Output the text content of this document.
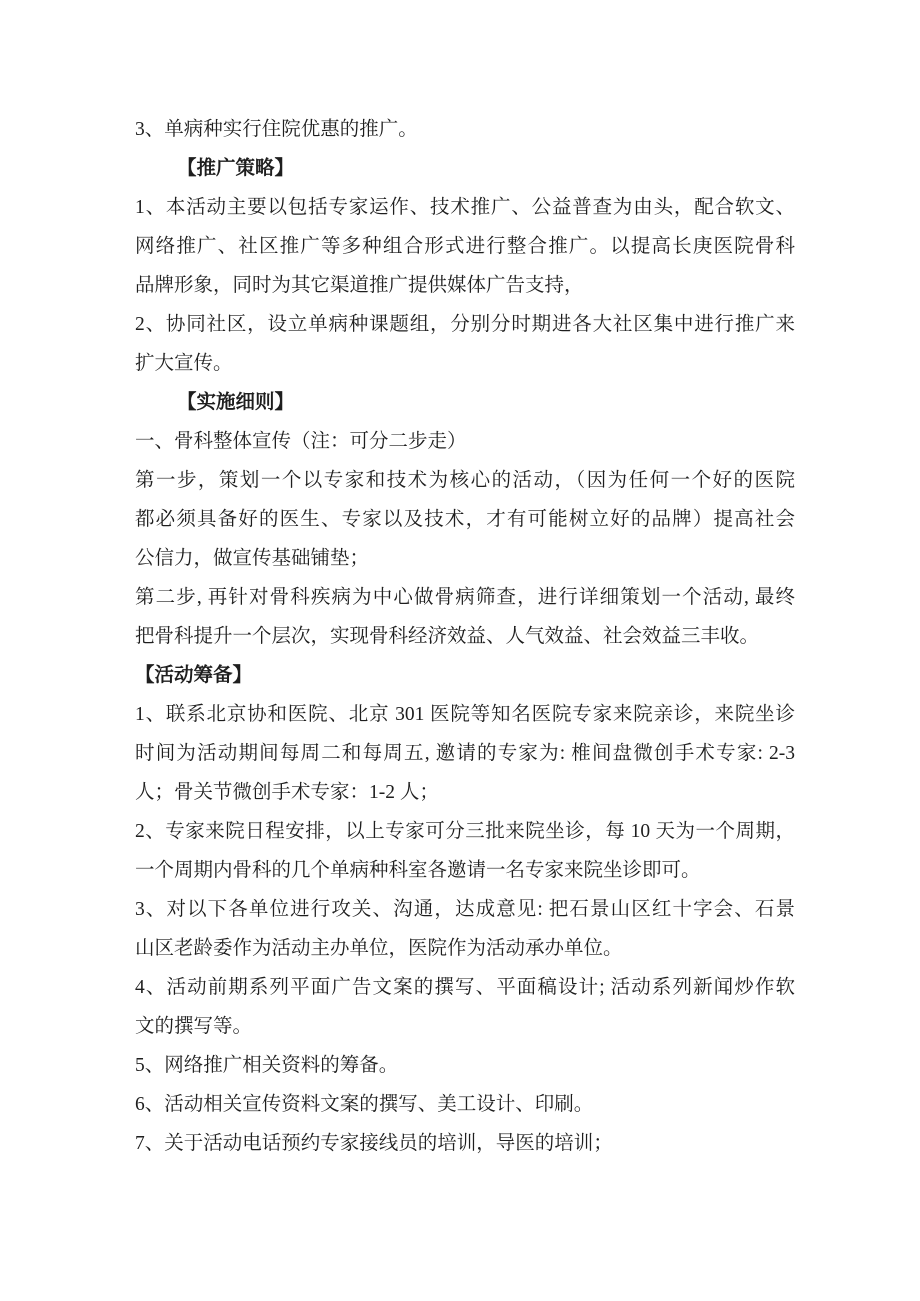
3、单病种实行住院优惠的推广。
【推广策略】
1、本活动主要以包括专家运作、技术推广、公益普查为由头，配合软文、
网络推广、社区推广等多种组合形式进行整合推广。以提高长庚医院骨科
品牌形象，同时为其它渠道推广提供媒体广告支持，
2、协同社区，设立单病种课题组，分别分时期进各大社区集中进行推广来
扩大宣传。
【实施细则】
一、骨科整体宣传（注：可分二步走）
第一步，策划一个以专家和技术为核心的活动，（因为任何一个好的医院
都必须具备好的医生、专家以及技术，才有可能树立好的品牌）提高社会
公信力，做宣传基础铺垫；
第二步, 再针对骨科疾病为中心做骨病筛查，进行详细策划一个活动, 最终
把骨科提升一个层次，实现骨科经济效益、人气效益、社会效益三丰收。
【活动筹备】
1、联系北京协和医院、北京 301 医院等知名医院专家来院亲诊，来院坐诊
时间为活动期间每周二和每周五, 邀请的专家为: 椎间盘微创手术专家: 2-3
人；骨关节微创手术专家：1-2 人；
2、专家来院日程安排，以上专家可分三批来院坐诊，每 10 天为一个周期，
一个周期内骨科的几个单病种科室各邀请一名专家来院坐诊即可。
3、对以下各单位进行攻关、沟通，达成意见: 把石景山区红十字会、石景
山区老龄委作为活动主办单位，医院作为活动承办单位。
4、活动前期系列平面广告文案的撰写、平面稿设计; 活动系列新闻炒作软
文的撰写等。
5、网络推广相关资料的筹备。
6、活动相关宣传资料文案的撰写、美工设计、印刷。
7、关于活动电话预约专家接线员的培训，导医的培训；
